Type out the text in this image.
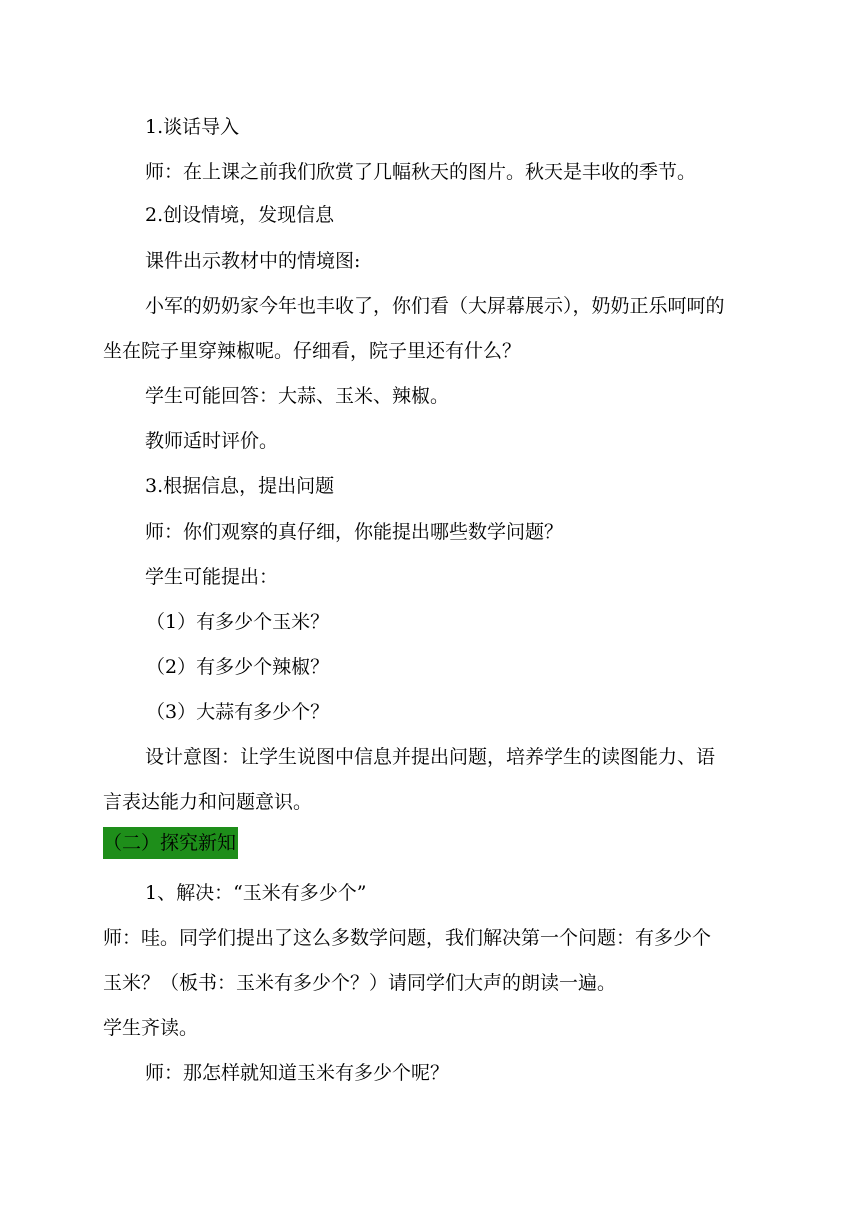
1.谈话导入
师：在上课之前我们欣赏了几幅秋天的图片。秋天是丰收的季节。
2.创设情境，发现信息
课件出示教材中的情境图:
小军的奶奶家今年也丰收了，你们看（大屏幕展示），奶奶正乐呵呵的
坐在院子里穿辣椒呢。仔细看，院子里还有什么？
学生可能回答：大蒜、玉米、辣椒。
教师适时评价。
3.根据信息，提出问题
师：你们观察的真仔细，你能提出哪些数学问题？
学生可能提出：
（1）有多少个玉米？
（2）有多少个辣椒？
（3）大蒜有多少个？
设计意图：让学生说图中信息并提出问题，培养学生的读图能力、语
言表达能力和问题意识。
（二）探究新知
1、解决：“玉米有多少个”
师：哇。同学们提出了这么多数学问题，我们解决第一个问题：有多少个
玉米？（板书：玉米有多少个？）请同学们大声的朗读一遍。
学生齐读。
师：那怎样就知道玉米有多少个呢？
